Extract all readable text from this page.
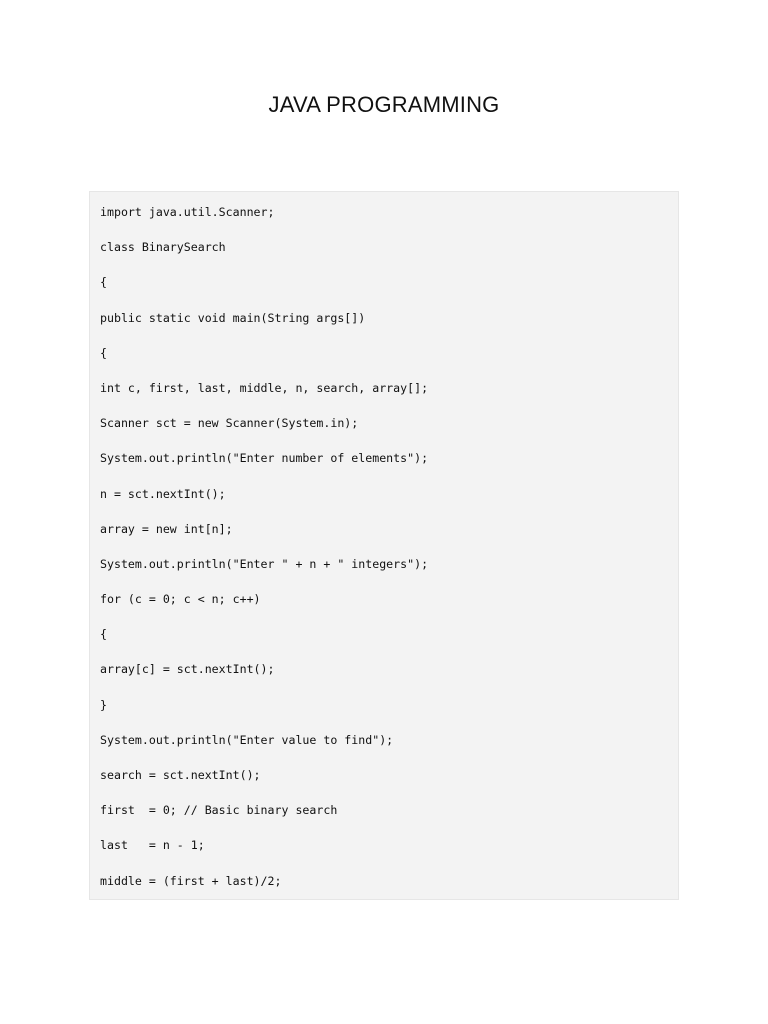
JAVA PROGRAMMING
import java.util.Scanner;
class BinarySearch
{
public static void main(String args[])
{
int c, first, last, middle, n, search, array[];
Scanner sct = new Scanner(System.in);
System.out.println("Enter number of elements");
n = sct.nextInt();
array = new int[n];
System.out.println("Enter " + n + " integers");
for (c = 0; c < n; c++)
{
array[c] = sct.nextInt();
}
System.out.println("Enter value to find");
search = sct.nextInt();
first  = 0; // Basic binary search
last   = n - 1;
middle = (first + last)/2;
